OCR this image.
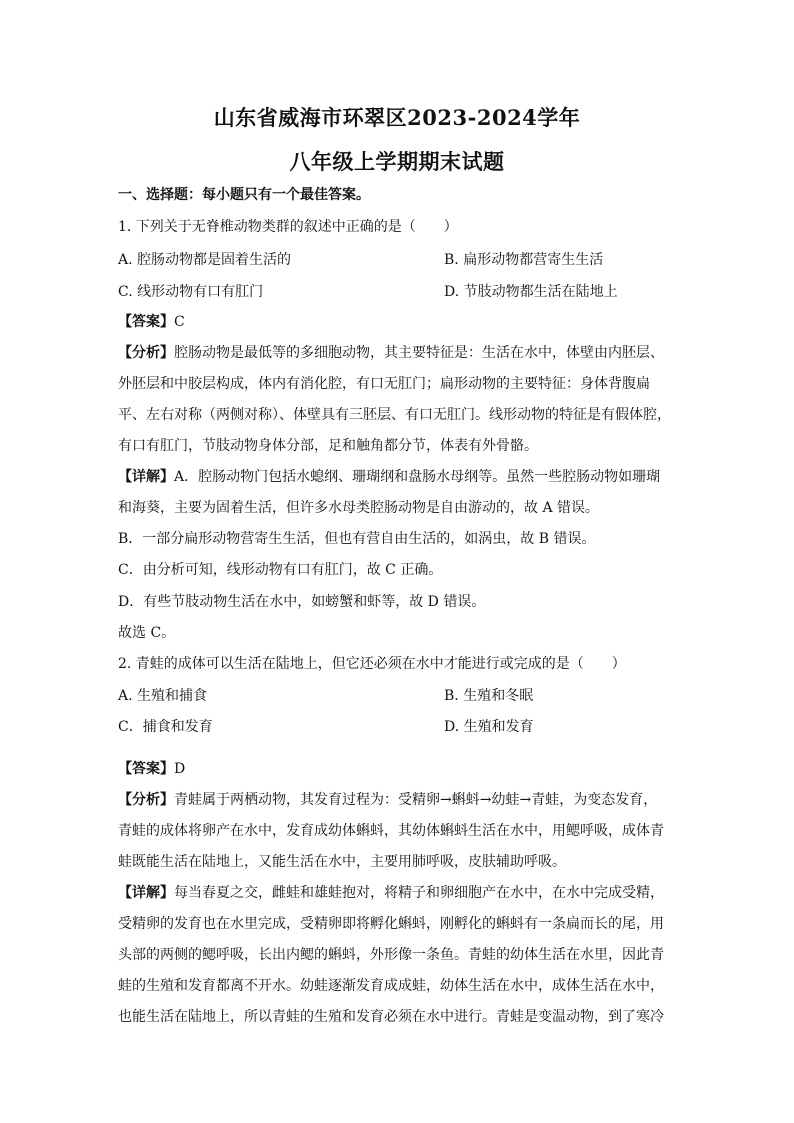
山东省威海市环翠区2023-2024学年
八年级上学期期末试题
一、选择题：每小题只有一个最佳答案。
1. 下列关于无脊椎动物类群的叙述中正确的是（　　）
A. 腔肠动物都是固着生活的	B. 扁形动物都营寄生生活
C. 线形动物有口有肛门	D. 节肢动物都生活在陆地上
【答案】C
【分析】腔肠动物是最低等的多细胞动物，其主要特征是：生活在水中，体壁由内胚层、
外胚层和中胶层构成，体内有消化腔，有口无肛门；扁形动物的主要特征：身体背腹扁
平、左右对称（两侧对称）、体壁具有三胚层、有口无肛门。线形动物的特征是有假体腔，
有口有肛门，节肢动物身体分部，足和触角都分节，体表有外骨骼。
【详解】A．腔肠动物门包括水螅纲、珊瑚纲和盘肠水母纲等。虽然一些腔肠动物如珊瑚
和海葵，主要为固着生活，但许多水母类腔肠动物是自由游动的，故 A 错误。
B．一部分扁形动物营寄生生活，但也有营自由生活的，如涡虫，故 B 错误。
C．由分析可知，线形动物有口有肛门，故 C 正确。
D．有些节肢动物生活在水中，如螃蟹和虾等，故 D 错误。
故选 C。
2. 青蛙的成体可以生活在陆地上，但它还必须在水中才能进行或完成的是（　　）
A. 生殖和捕食	B. 生殖和冬眠
C．捕食和发育	D. 生殖和发育
【答案】D
【分析】青蛙属于两栖动物，其发育过程为：受精卵→蝌蚪→幼蛙→青蛙，为变态发育，
青蛙的成体将卵产在水中，发育成幼体蝌蚪，其幼体蝌蚪生活在水中，用鳃呼吸，成体青
蛙既能生活在陆地上，又能生活在水中，主要用肺呼吸，皮肤辅助呼吸。
【详解】每当春夏之交，雌蛙和雄蛙抱对，将精子和卵细胞产在水中，在水中完成受精，
受精卵的发育也在水里完成，受精卵即将孵化蝌蚪，刚孵化的蝌蚪有一条扁而长的尾，用
头部的两侧的鳃呼吸，长出内鳃的蝌蚪，外形像一条鱼。青蛙的幼体生活在水里，因此青
蛙的生殖和发育都离不开水。幼蛙逐渐发育成成蛙，幼体生活在水中，成体生活在水中，
也能生活在陆地上，所以青蛙的生殖和发育必须在水中进行。青蛙是变温动物，到了寒冷
